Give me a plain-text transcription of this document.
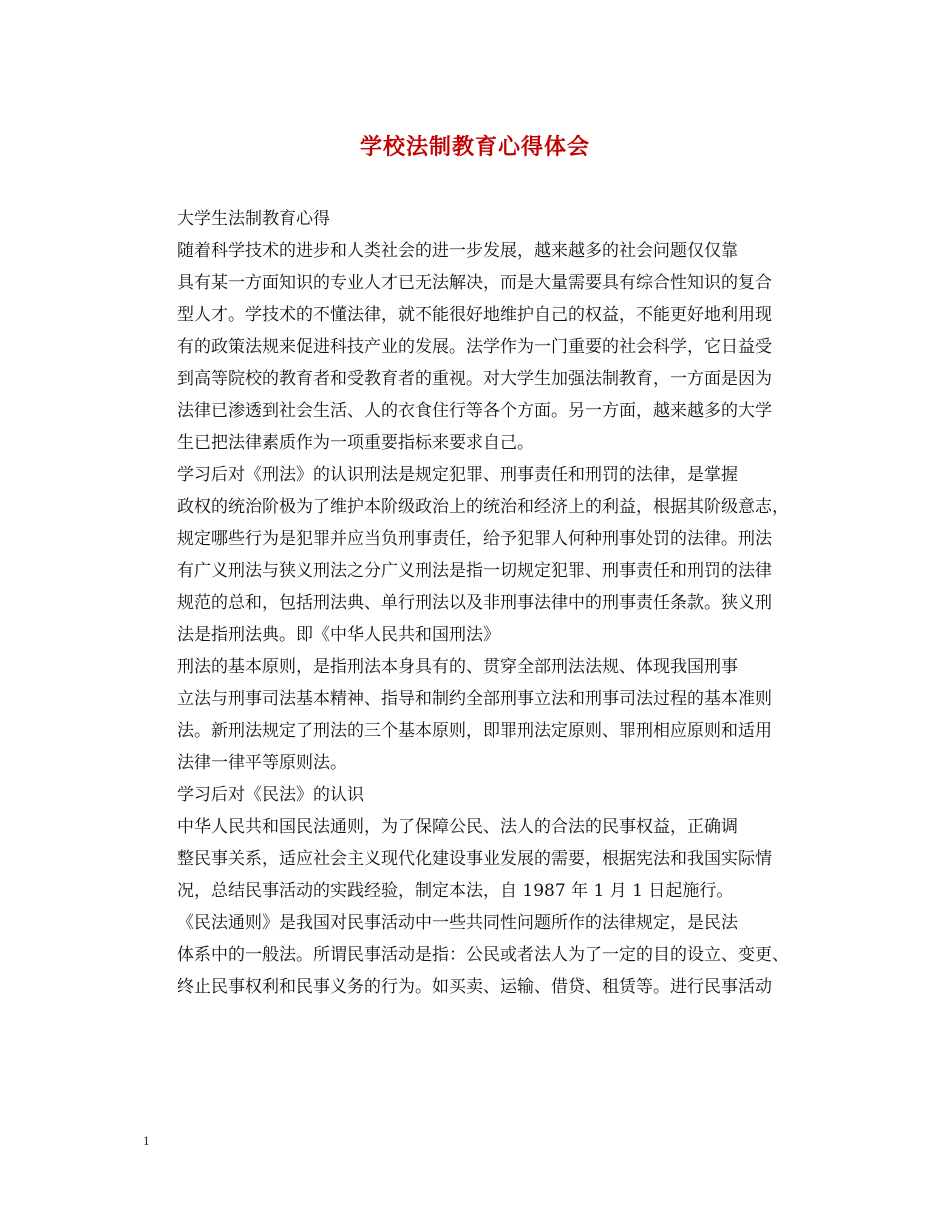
学校法制教育心得体会

大学生法制教育心得

随着科学技术的进步和人类社会的进一步发展，越来越多的社会问题仅仅靠
具有某一方面知识的专业人才已无法解决，而是大量需要具有综合性知识的复合
型人才。学技术的不懂法律，就不能很好地维护自己的权益，不能更好地利用现
有的政策法规来促进科技产业的发展。法学作为一门重要的社会科学，它日益受
到高等院校的教育者和受教育者的重视。对大学生加强法制教育，一方面是因为
法律已渗透到社会生活、人的衣食住行等各个方面。另一方面，越来越多的大学
生已把法律素质作为一项重要指标来要求自己。

学习后对《刑法》的认识刑法是规定犯罪、刑事责任和刑罚的法律，是掌握
政权的统治阶极为了维护本阶级政治上的统治和经济上的利益，根据其阶级意志，
规定哪些行为是犯罪并应当负刑事责任，给予犯罪人何种刑事处罚的法律。刑法
有广义刑法与狭义刑法之分广义刑法是指一切规定犯罪、刑事责任和刑罚的法律
规范的总和，包括刑法典、单行刑法以及非刑事法律中的刑事责任条款。狭义刑
法是指刑法典。即《中华人民共和国刑法》

刑法的基本原则，是指刑法本身具有的、贯穿全部刑法法规、体现我国刑事
立法与刑事司法基本精神、指导和制约全部刑事立法和刑事司法过程的基本准则
法。新刑法规定了刑法的三个基本原则，即罪刑法定原则、罪刑相应原则和适用
法律一律平等原则法。

学习后对《民法》的认识

中华人民共和国民法通则，为了保障公民、法人的合法的民事权益，正确调
整民事关系，适应社会主义现代化建设事业发展的需要，根据宪法和我国实际情
况，总结民事活动的实践经验，制定本法，自 1987 年 1 月 1 日起施行。

《民法通则》是我国对民事活动中一些共同性问题所作的法律规定，是民法
体系中的一般法。所谓民事活动是指：公民或者法人为了一定的目的设立、变更、
终止民事权利和民事义务的行为。如买卖、运输、借贷、租赁等。进行民事活动

1
